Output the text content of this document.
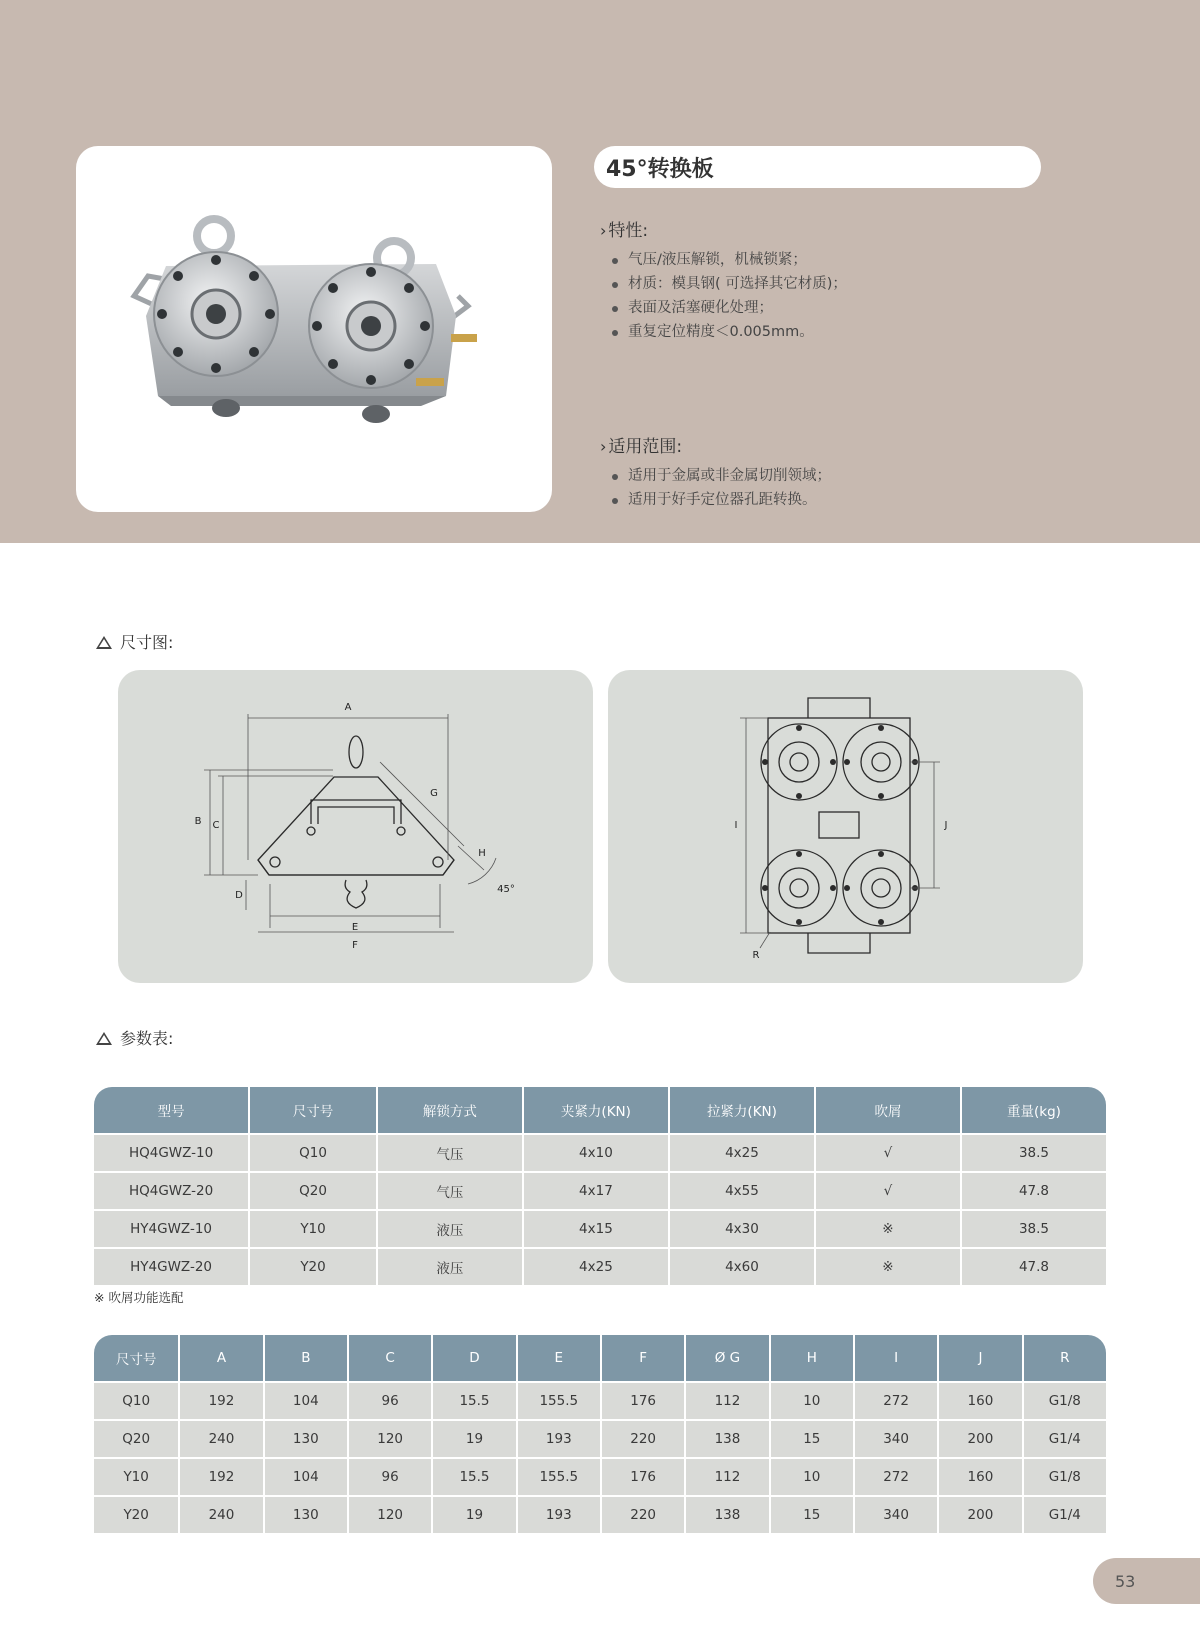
45°转换板
› 特性:
气压/液压解锁，机械锁紧；
材质：模具钢( 可选择其它材质)；
表面及活塞硬化处理；
重复定位精度＜0.005mm。
› 适用范围:
适用于金属或非金属切削领域；
适用于好手定位器孔距转换。
尺寸图:
A
B C
D
E
F
G
H
45°
I	J
R
参数表:
型号	尺寸号	解锁方式	夹紧力(KN)	拉紧力(KN)	吹屑	重量(kg)
HQ4GWZ-10	Q10	气压	4x10	4x25	√	38.5
HQ4GWZ-20	Q20	气压	4x17	4x55	√	47.8
HY4GWZ-10	Y10	液压	4x15	4x30	※	38.5
HY4GWZ-20	Y20	液压	4x25	4x60	※	47.8
※ 吹屑功能选配
尺寸号	A	B	C	D	E	F	Ø G	H	I	J	R
Q10	192	104	96	15.5	155.5	176	112	10	272	160	G1/8
Q20	240	130	120	19	193	220	138	15	340	200	G1/4
Y10	192	104	96	15.5	155.5	176	112	10	272	160	G1/8
Y20	240	130	120	19	193	220	138	15	340	200	G1/4
53
